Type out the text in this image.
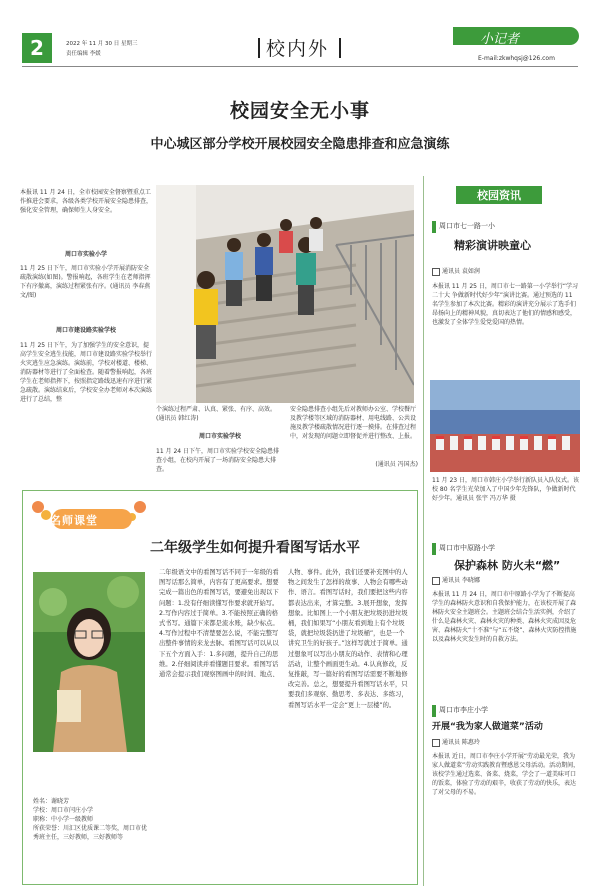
2	2022 年 11 月 30 日 星期三
责任编辑 李媛	校内外	小记者
E-mail:zkwhqsj@126.com
校园安全无小事
中心城区部分学校开展校园安全隐患排查和应急演练
本报讯 11 月 24 日，全市校园安全督察暨重点工作推进会要求，各级各类学校开展安全隐患排查，强化安全管理，确保师生人身安全。
周口市实验小学
11 月 25 日下午，周口市实验小学开展消防安全疏散演练(如图)。警报响起，各班学生在老师指挥下有序撤离，演练过程紧张有序。(通讯员 李春燕 文/图)
周口市建设路实验学校
11 月 25 日下午，为了加强学生的安全意识，提高学生安全逃生技能，周口市建设路实验学校举行火灾逃生应急演练。演练前，学校对楼道、楼梯、消防器材等进行了全面检查。随着警报响起，各班学生在老师指挥下，按照指定路线迅速有序进行紧急疏散。演练结束后，学校安全办老师对本次演练进行了总结，整
个演练过程严肃、认真、紧张、有序、高效。(通讯员 韩红涛)
周口市实验学校
11 月 24 日下午，周口市实验学校安全隐患排查小组，在校内开展了一场消防安全隐患大排查。
安全隐患排查小组先后对教师办公室、学校餐厅及教学楼等区域的消防器材、用电线路、公共设施及教学楼疏散情况进行逐一摸排。在排查过程中，对发现的问题立即督促并进行整改、上报。
(通讯员 冯国杰)
校园资讯
周口市七一路一小
精彩演讲映童心
通讯员 袁如润
本报讯 11 月 25 日，周口市七一路第一小学举行“学习二十大 争做新时代好少年”演讲比赛。通过预选的 11 名学生参加了本次比赛。精彩的演讲充分展示了选手们昂扬向上的精神风貌，真切表达了他们的情感和感受，也激发了全体学生爱党爱国的热情。
11 月 23 日，周口市韩庄小学举行新队员入队仪式。该校 80 名学生光荣加入了中国少年先锋队，争做新时代好少年。通讯员 张宇 冯万华 摄
周口市中原路小学
保护森林 防火未“燃”
通讯员 李晓娜
本报讯 11 月 24 日，周口市中原路小学为了不断提高学生的森林防火意识和自我保护能力，在该校开展了森林防火安全主题班会。主题班会结合生活实例，介绍了什么是森林火灾、森林火灾的种类、森林火灾成因及危害、森林防火“十不准”与“五不烧”、森林火灾防控措施以及森林火灾发生时的自救方法。
周口市李庄小学
开展“我为家人做道菜”活动
通讯员 陈惠玲
本报讯 近日，周口市李庄小学开展“劳动最光荣，我为家人做道菜”劳动实践教育暨感恩父母活动。活动期间，该校学生通过选菜、备菜、烧菜，学会了一道美味可口的饭菜，体验了劳动的艰辛，收获了劳动的快乐，表达了对父母的不易。
名师课堂
二年级学生如何提升看图写话水平
姓名：谢晓芳
学校：周口市闫庄小学
职称：中小学一级教师
所获荣誉：川汇区优质课二等奖，周口市优秀班主任，三好教师，三好教师等
二年级语文中的看图写话不同于一年级的看图写话那么简单，内容有了更高要求。想要完成一篇出色的看图写话，要避免出现以下问题：1.没有仔细读懂写作要求就开始写。2.写作内容过于简单。3.不能按照正确的格式书写。通篇下来都是流水账，缺少标点。4.写作过程中不清楚要怎么说，不能完整写出整件事情的来龙去脉。看图写话可以从以下五个方面入手：1.多问题，提升自己的思维。2.仔细阅读并看懂题目要求。看图写话通常会提示我们观察图画中的时间、地点、
人物、事件。此外，我们还要补充图中的人物之间发生了怎样的故事、人物会有哪些动作、语言。看图写话时，我们要把这些内容都表达出来，才算完整。3.展开想象，发挥想象。比如图上一个小朋友把垃圾扔进垃圾桶，我们如果写“小朋友看到地上有个垃圾袋，就把垃圾袋扔进了垃圾桶”，也是一个讲究卫生的好孩子。”这样写就过于简单。通过想象可以写出小朋友的动作、表情和心理活动，让整个画面更生动。4.认真修改，反复推敲，写一篇好的看图写话需要不断地修改完善。总之，想要提升看图写话水平，只要我们多观察、勤思考、多表达、多练习，看图写话水平一定会“更上一层楼”的。
